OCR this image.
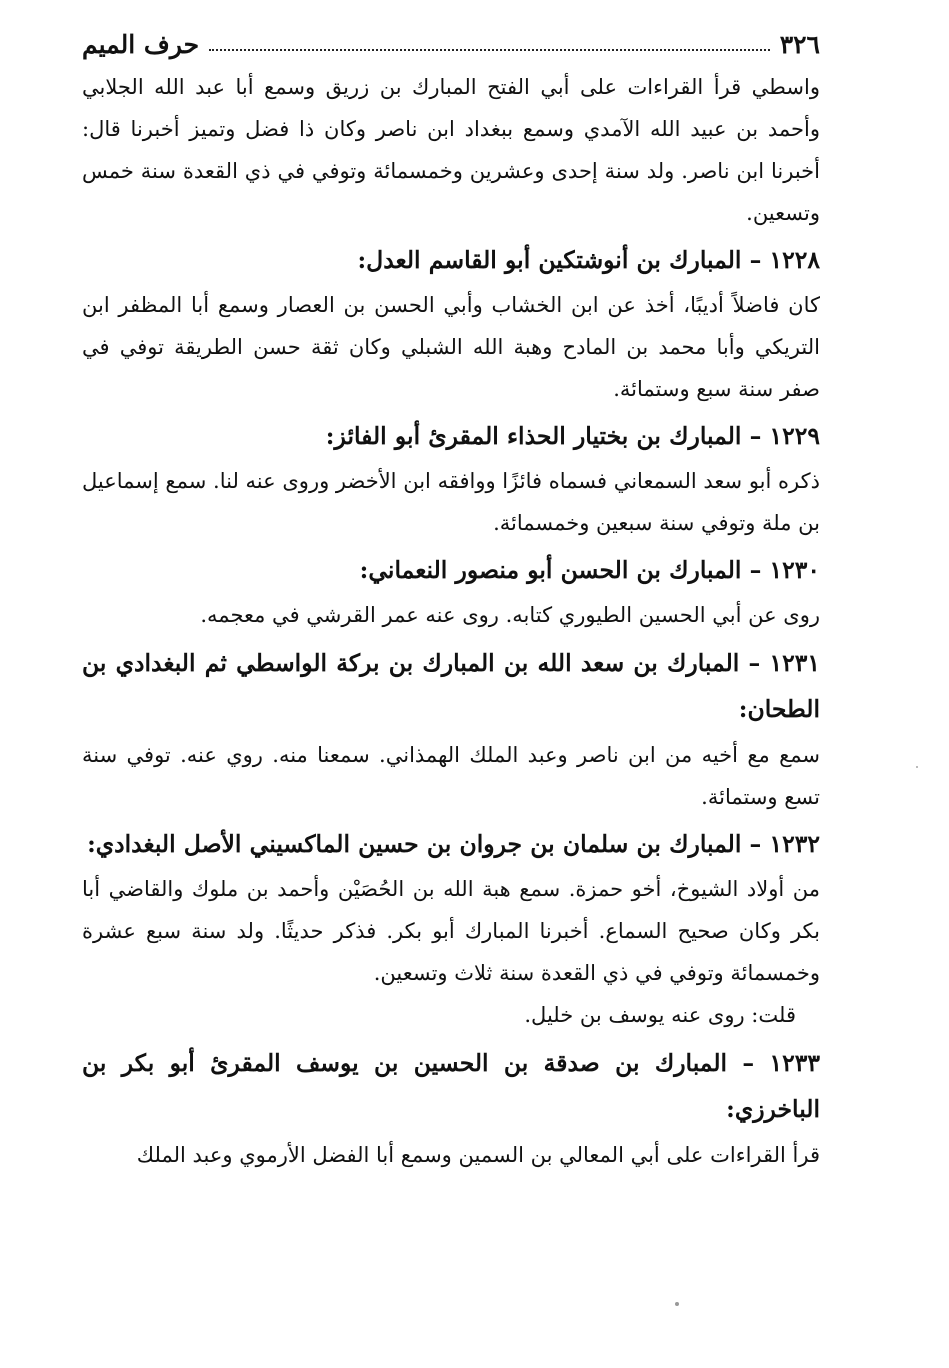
٣٢٦
حرف الميم

واسطي قرأ القراءات على أبي الفتح المبارك بن زريق وسمع أبا عبد الله الجلابي وأحمد بن عبيد الله الآمدي وسمع ببغداد ابن ناصر وكان ذا فضل وتميز أخبرنا قال: أخبرنا ابن ناصر. ولد سنة إحدى وعشرين وخمسمائة وتوفي في ذي القعدة سنة خمس وتسعين.

١٢٢٨ – المبارك بن أنوشتكين أبو القاسم العدل:

كان فاضلاً أديبًا، أخذ عن ابن الخشاب وأبي الحسن بن العصار وسمع أبا المظفر ابن التريكي وأبا محمد بن المادح وهبة الله الشبلي وكان ثقة حسن الطريقة توفي في صفر سنة سبع وستمائة.

١٢٢٩ – المبارك بن بختيار الحذاء المقرئ أبو الفائز:

ذكره أبو سعد السمعاني فسماه فائزًا ووافقه ابن الأخضر وروى عنه لنا. سمع إسماعيل بن ملة وتوفي سنة سبعين وخمسمائة.

١٢٣٠ – المبارك بن الحسن أبو منصور النعماني:

روى عن أبي الحسين الطيوري كتابه. روى عنه عمر القرشي في معجمه.

١٢٣١ – المبارك بن سعد الله بن المبارك بن بركة الواسطي ثم البغدادي بن الطحان:

سمع مع أخيه من ابن ناصر وعبد الملك الهمذاني. سمعنا منه. روي عنه. توفي سنة تسع وستمائة.

١٢٣٢ – المبارك بن سلمان بن جروان بن حسين الماكسيني الأصل البغدادي:

من أولاد الشيوخ، أخو حمزة. سمع هبة الله بن الحُصَيْن وأحمد بن ملوك والقاضي أبا بكر وكان صحيح السماع. أخبرنا المبارك أبو بكر. فذكر حديثًا. ولد سنة سبع عشرة وخمسمائة وتوفي في ذي القعدة سنة ثلاث وتسعين.

قلت: روى عنه يوسف بن خليل.

١٢٣٣ – المبارك بن صدقة بن الحسين بن يوسف المقرئ أبو بكر بن الباخرزي:

قرأ القراءات على أبي المعالي بن السمين وسمع أبا الفضل الأرموي وعبد الملك
